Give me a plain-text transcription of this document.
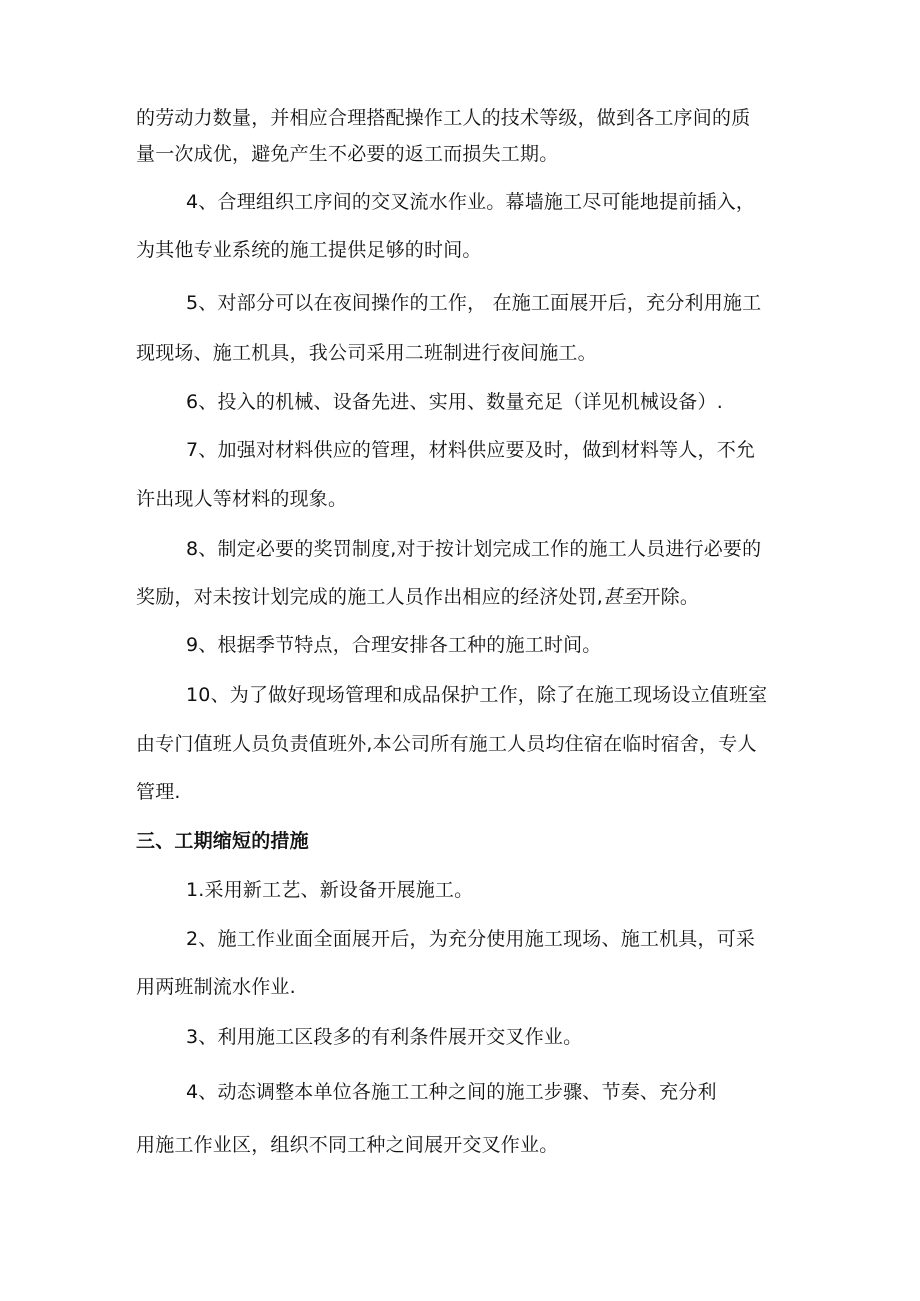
的劳动力数量，并相应合理搭配操作工人的技术等级，做到各工序间的质
量一次成优，避免产生不必要的返工而损失工期。
4、合理组织工序间的交叉流水作业。幕墙施工尽可能地提前插入，
为其他专业系统的施工提供足够的时间。
5、对部分可以在夜间操作的工作， 在施工面展开后，充分利用施工
现现场、施工机具，我公司采用二班制进行夜间施工。
6、投入的机械、设备先进、实用、数量充足（详见机械设备）.
7、加强对材料供应的管理，材料供应要及时，做到材料等人，不允
许出现人等材料的现象。
8、制定必要的奖罚制度,对于按计划完成工作的施工人员进行必要的
奖励，对未按计划完成的施工人员作出相应的经济处罚,甚至开除。
9、根据季节特点，合理安排各工种的施工时间。
10、为了做好现场管理和成品保护工作，除了在施工现场设立值班室
由专门值班人员负责值班外,本公司所有施工人员均住宿在临时宿舍，专人
管理.
三、工期缩短的措施
1.采用新工艺、新设备开展施工。
2、施工作业面全面展开后，为充分使用施工现场、施工机具，可采
用两班制流水作业.
3、利用施工区段多的有利条件展开交叉作业。
4、动态调整本单位各施工工种之间的施工步骤、节奏、充分利
用施工作业区，组织不同工种之间展开交叉作业。
